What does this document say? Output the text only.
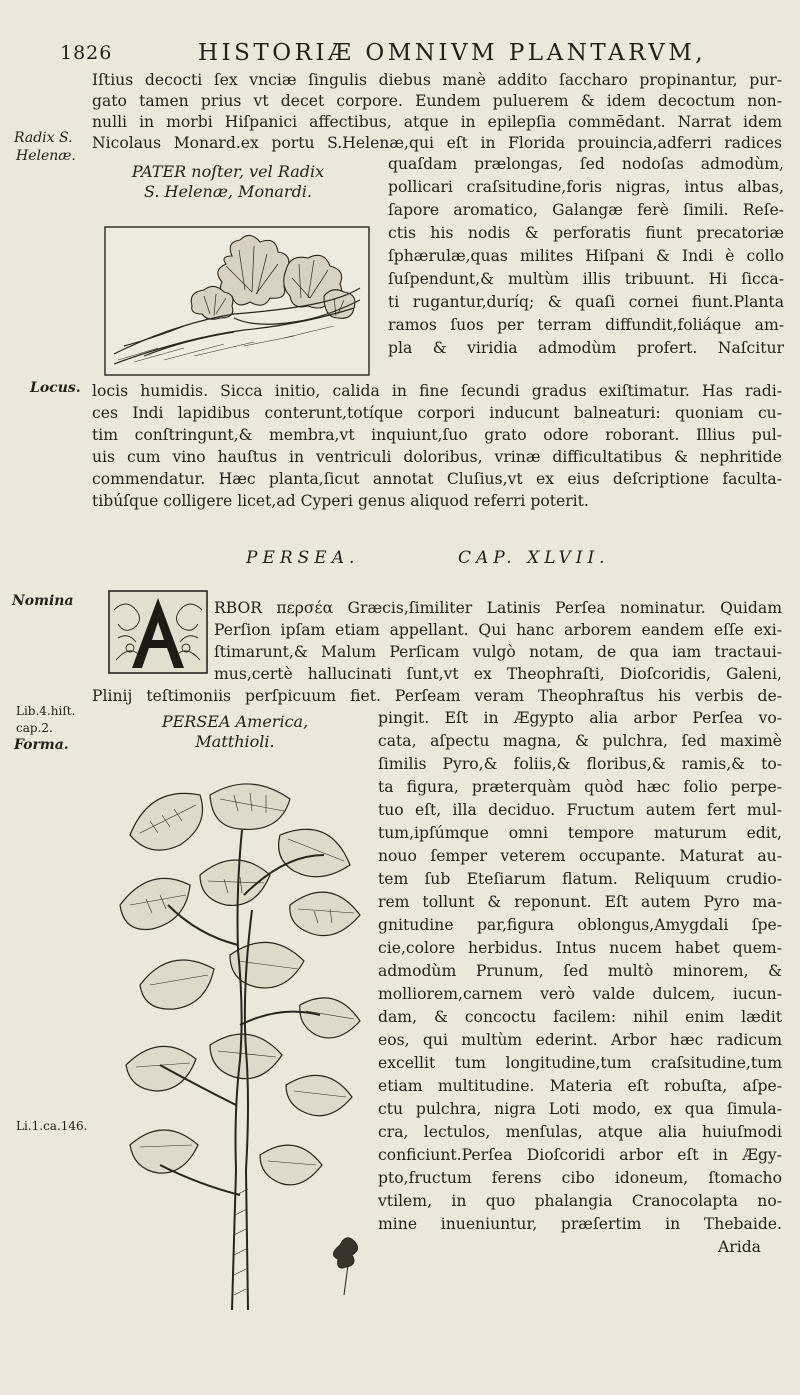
1826	HISTORIÆ OMNIVM PLANTARVM,
Iſtius decocti ſex vnciæ ſingulis diebus manè addito ſaccharo propinantur, pur-
gato tamen prius vt decet corpore. Eundem puluerem & idem decoctum non-
nulli in morbi Hiſpanici affectibus, atque in epilepſia commēdant. Narrat idem
Nicolaus Monard.ex portu S.Helenæ,qui eſt in Florida prouincia,adferri radices
Radix S.
Helenæ.
Locus.
Nomina
Lib.4.hiſt.
cap.2.
Forma.
Li.1.ca.146.
PATER noſter, vel Radix
S. Helenæ, Monardi.
quaſdam prælongas, ſed nodoſas admodùm,
pollicari craſsitudine,foris nigras, intus albas,
ſapore aromatico, Galangæ ferè ſimili. Reſe-
ctis his nodis & perforatis fiunt precatoriæ
ſphærulæ,quas milites Hiſpani & Indi è collo
ſuſpendunt,& multùm illis tribuunt. Hi ſicca-
ti rugantur,duríq; & quaſi cornei fiunt.Planta
ramos ſuos per terram diffundit,foliáque am-
pla & viridia admodùm profert. Naſcitur
locis humidis. Sicca initio, calida in fine ſecundi gradus exiſtimatur. Has radi-
ces Indi lapidibus conterunt,totíque corpori inducunt balneaturi: quoniam cu-
tim conſtringunt,& membra,vt inquiunt,ſuo grato odore roborant. Illius pul-
uis cum vino hauſtus in ventriculi doloribus, vrinæ difficultatibus & nephritide
commendatur. Hæc planta,ſicut annotat Cluſius,vt ex eius deſcriptione faculta-
tibúſque colligere licet,ad Cyperi genus aliquod referri poterit.
PERSEA.	CAP. XLVII.
RBOR περσέα Græcis,ſimiliter Latinis Perſea nominatur. Quidam
Perſion ipſam etiam appellant. Qui hanc arborem eandem eſſe exi-
ſtimarunt,& Malum Perſicam vulgò notam, de qua iam tractaui-
mus,certè hallucinati ſunt,vt ex Theophraſti, Dioſcoridis, Galeni,
Plinij teſtimoniis perſpicuum fiet. Perſeam veram Theophraſtus his verbis de-
PERSEA America,
Matthioli.
pingit. Eſt in Ægypto alia arbor Perſea vo-
cata, aſpectu magna, & pulchra, ſed maximè
ſimilis Pyro,& foliis,& floribus,& ramis,& to-
ta figura, præterquàm quòd hæc folio perpe-
tuo eſt, illa deciduo. Fructum autem fert mul-
tum,ipſúmque omni tempore maturum edit,
nouo ſemper veterem occupante. Maturat au-
tem ſub Eteſiarum flatum. Reliquum crudio-
rem tollunt & reponunt. Eſt autem Pyro ma-
gnitudine par,figura oblongus,Amygdali ſpe-
cie,colore herbidus. Intus nucem habet quem-
admodùm Prunum, ſed multò minorem, &
molliorem,carnem verò valde dulcem, iucun-
dam, & concoctu facilem: nihil enim lædit
eos, qui multùm ederint. Arbor hæc radicum
excellit tum longitudine,tum craſsitudine,tum
etiam multitudine. Materia eſt robuſta, aſpe-
ctu pulchra, nigra Loti modo, ex qua ſimula-
cra, lectulos, menſulas, atque alia huiuſmodi
conficiunt.Perſea Dioſcoridi arbor eſt in Ægy-
pto,fructum ferens cibo idoneum, ſtomacho
vtilem, in quo phalangia Cranocolapta no-
mine inueniuntur, præſertim in Thebaide.
Arida
